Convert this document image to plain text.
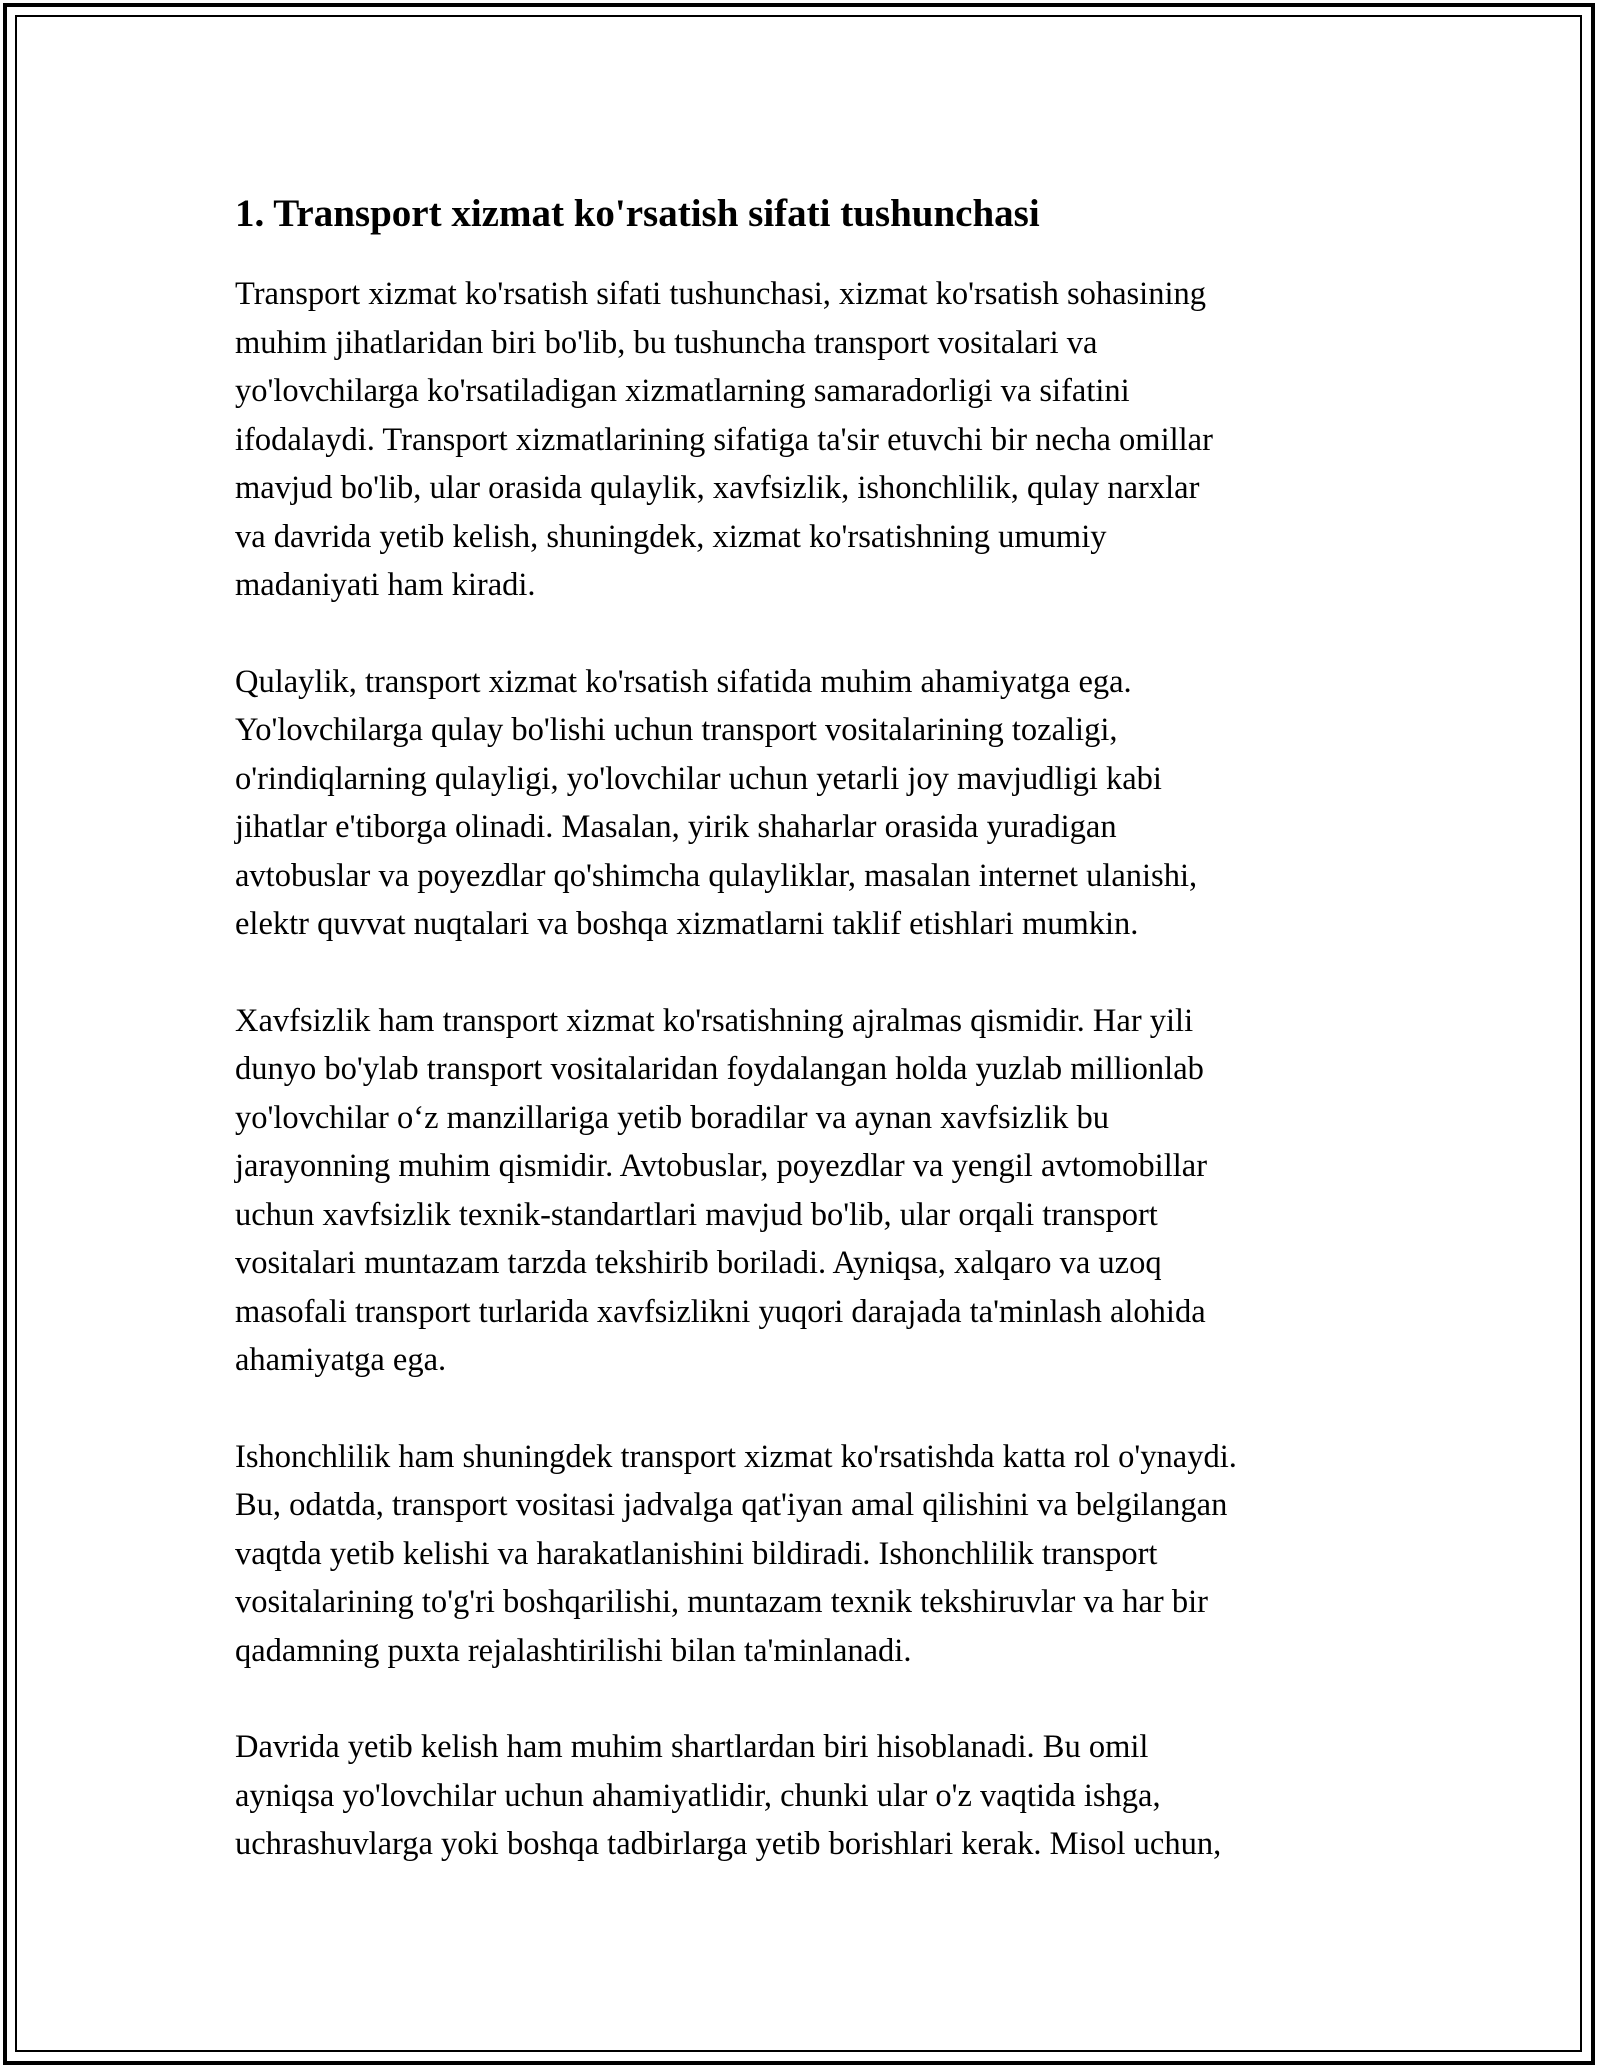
1. Transport xizmat ko'rsatish sifati tushunchasi

Transport xizmat ko'rsatish sifati tushunchasi, xizmat ko'rsatish sohasining
muhim jihatlaridan biri bo'lib, bu tushuncha transport vositalari va
yo'lovchilarga ko'rsatiladigan xizmatlarning samaradorligi va sifatini
ifodalaydi. Transport xizmatlarining sifatiga ta'sir etuvchi bir necha omillar
mavjud bo'lib, ular orasida qulaylik, xavfsizlik, ishonchlilik, qulay narxlar
va davrida yetib kelish, shuningdek, xizmat ko'rsatishning umumiy
madaniyati ham kiradi.

Qulaylik, transport xizmat ko'rsatish sifatida muhim ahamiyatga ega.
Yo'lovchilarga qulay bo'lishi uchun transport vositalarining tozaligi,
o'rindiqlarning qulayligi, yo'lovchilar uchun yetarli joy mavjudligi kabi
jihatlar e'tiborga olinadi. Masalan, yirik shaharlar orasida yuradigan
avtobuslar va poyezdlar qo'shimcha qulayliklar, masalan internet ulanishi,
elektr quvvat nuqtalari va boshqa xizmatlarni taklif etishlari mumkin.

Xavfsizlik ham transport xizmat ko'rsatishning ajralmas qismidir. Har yili
dunyo bo'ylab transport vositalaridan foydalangan holda yuzlab millionlab
yo'lovchilar o‘z manzillariga yetib boradilar va aynan xavfsizlik bu
jarayonning muhim qismidir. Avtobuslar, poyezdlar va yengil avtomobillar
uchun xavfsizlik texnik-standartlari mavjud bo'lib, ular orqali transport
vositalari muntazam tarzda tekshirib boriladi. Ayniqsa, xalqaro va uzoq
masofali transport turlarida xavfsizlikni yuqori darajada ta'minlash alohida
ahamiyatga ega.

Ishonchlilik ham shuningdek transport xizmat ko'rsatishda katta rol o'ynaydi.
Bu, odatda, transport vositasi jadvalga qat'iyan amal qilishini va belgilangan
vaqtda yetib kelishi va harakatlanishini bildiradi. Ishonchlilik transport
vositalarining to'g'ri boshqarilishi, muntazam texnik tekshiruvlar va har bir
qadamning puxta rejalashtirilishi bilan ta'minlanadi.

Davrida yetib kelish ham muhim shartlardan biri hisoblanadi. Bu omil
ayniqsa yo'lovchilar uchun ahamiyatlidir, chunki ular o'z vaqtida ishga,
uchrashuvlarga yoki boshqa tadbirlarga yetib borishlari kerak. Misol uchun,
